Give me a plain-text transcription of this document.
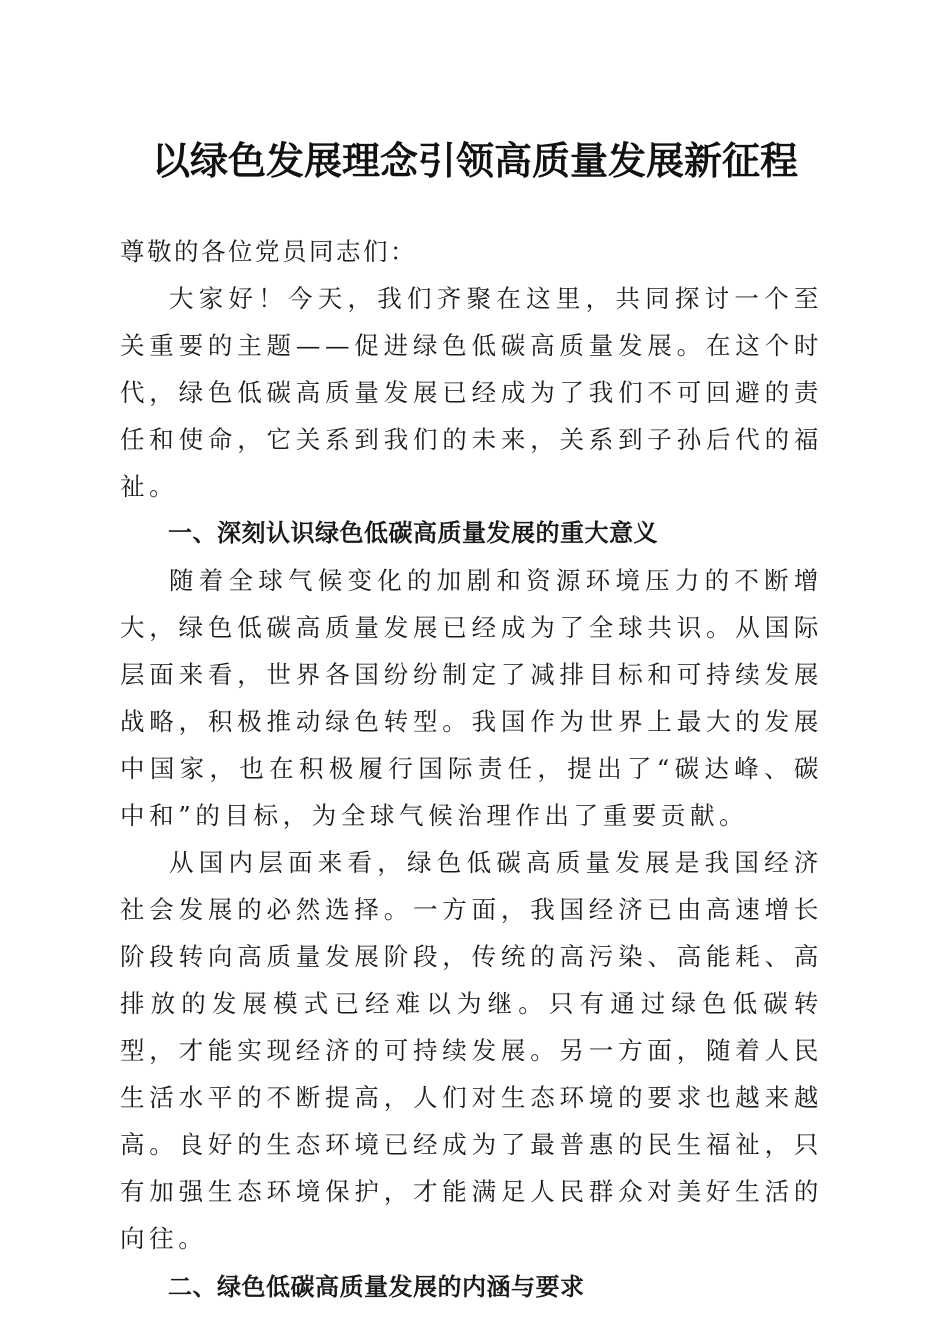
以绿色发展理念引领高质量发展新征程

尊敬的各位党员同志们：

大家好！今天，我们齐聚在这里，共同探讨一个至关重要的主题——促进绿色低碳高质量发展。在这个时代，绿色低碳高质量发展已经成为了我们不可回避的责任和使命，它关系到我们的未来，关系到子孙后代的福祉。

一、深刻认识绿色低碳高质量发展的重大意义

随着全球气候变化的加剧和资源环境压力的不断增大，绿色低碳高质量发展已经成为了全球共识。从国际层面来看，世界各国纷纷制定了减排目标和可持续发展战略，积极推动绿色转型。我国作为世界上最大的发展中国家，也在积极履行国际责任，提出了“碳达峰、碳中和”的目标，为全球气候治理作出了重要贡献。

从国内层面来看，绿色低碳高质量发展是我国经济社会发展的必然选择。一方面，我国经济已由高速增长阶段转向高质量发展阶段，传统的高污染、高能耗、高排放的发展模式已经难以为继。只有通过绿色低碳转型，才能实现经济的可持续发展。另一方面，随着人民生活水平的不断提高，人们对生态环境的要求也越来越高。良好的生态环境已经成为了最普惠的民生福祉，只有加强生态环境保护，才能满足人民群众对美好生活的向往。

二、绿色低碳高质量发展的内涵与要求
